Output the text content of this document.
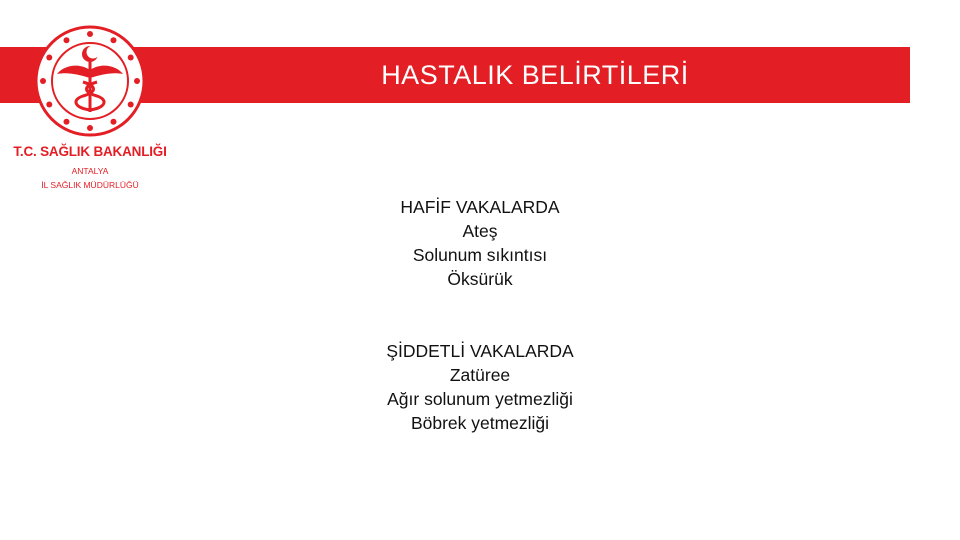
HASTALIK BELİRTİLERİ
T.C. SAĞLIK BAKANLIĞI
ANTALYA
İL SAĞLIK MÜDÜRLÜĞÜ
HAFİF VAKALARDA
Ateş
Solunum sıkıntısı
Öksürük
ŞİDDETLİ VAKALARDA
Zatüree
Ağır solunum yetmezliği
Böbrek yetmezliği
